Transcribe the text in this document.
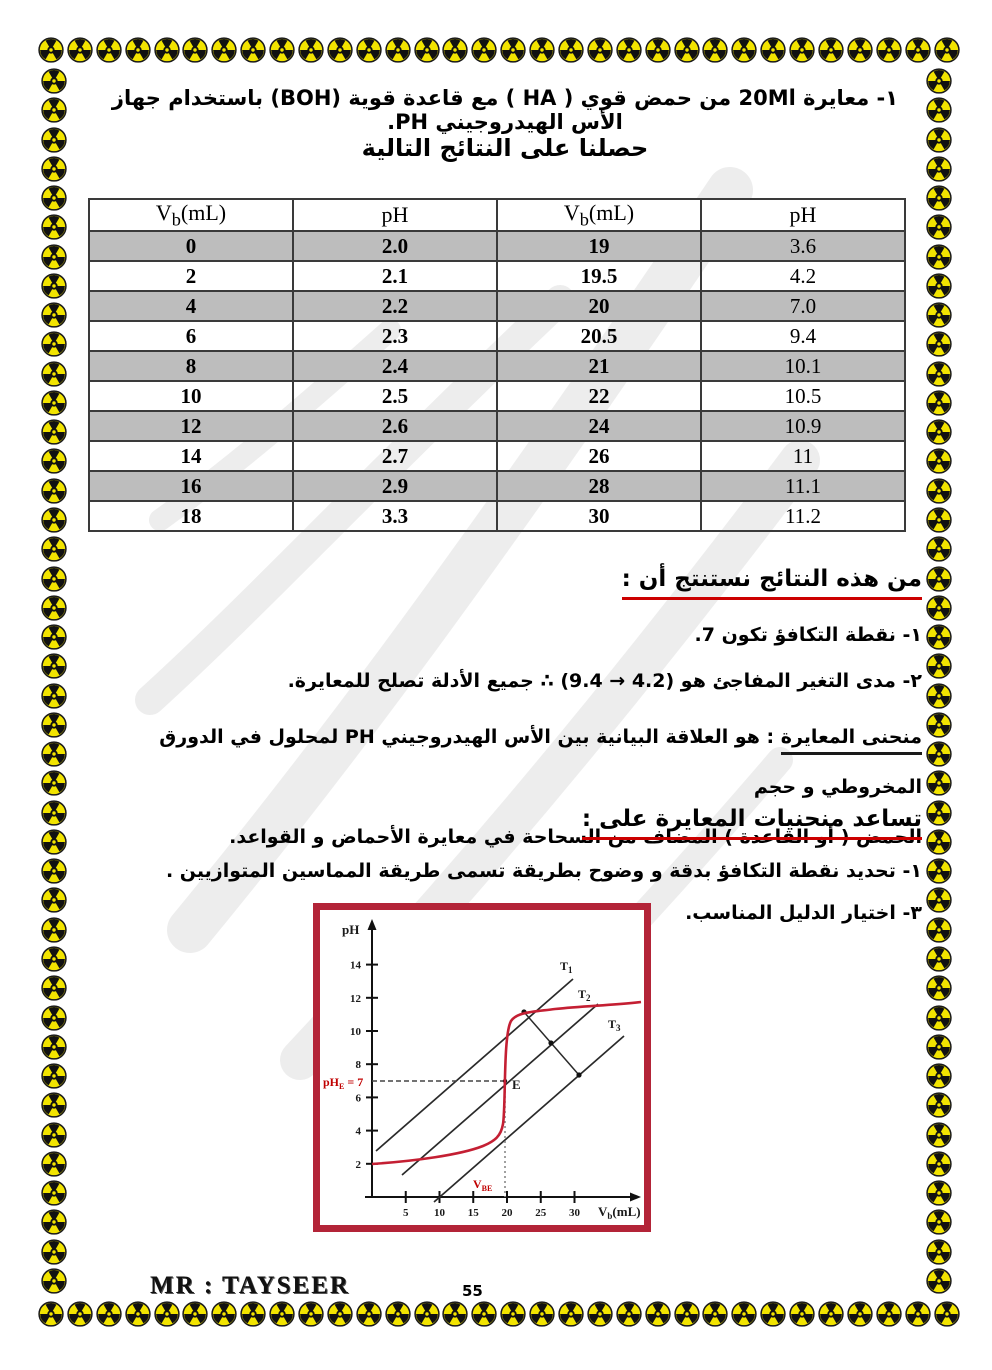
١- معايرة 20Ml من حمض قوي ( HA ) مع قاعدة قوية (BOH) باستخدام جهاز الأس الهيدروجيني PH.
حصلنا على النتائج التالية
$V_b(mL)$	pH	$V_b(mL)$	pH
0	2.0	19	3.6
2	2.1	19.5	4.2
4	2.2	20	7.0
6	2.3	20.5	9.4
8	2.4	21	10.1
10	2.5	22	10.5
12	2.6	24	10.9
14	2.7	26	11
16	2.9	28	11.1
18	3.3	30	11.2
من هذه النتائج نستنتج أن :
١- نقطة التكافؤ تكون 7.
٢- مدى التغير المفاجئ هو (9.4 → 4.2) ∴ جميع الأدلة تصلح للمعايرة.
منحنى المعايرة : هو العلاقة البيانية بين الأس الهيدروجيني PH لمحلول في الدورق المخروطي و حجم
الحمض ( أو القاعدة ) المضاف من السحاحة في معايرة الأحماض و القواعد.
تساعد منحنيات المعايرة على :
١- تحديد نقطة التكافؤ بدقة و وضوح بطريقة تسمى طريقة المماسين المتوازيين .
٣- اختيار الدليل المناسب.
pH
$V_b(mL)$
2
4
6
8
10
12
14
5 10 15 20 25 30
$T_1$
$T_2$
$T_3$
E
$pH_E = 7$
$V_{BE}$
MR : TAYSEER	55
